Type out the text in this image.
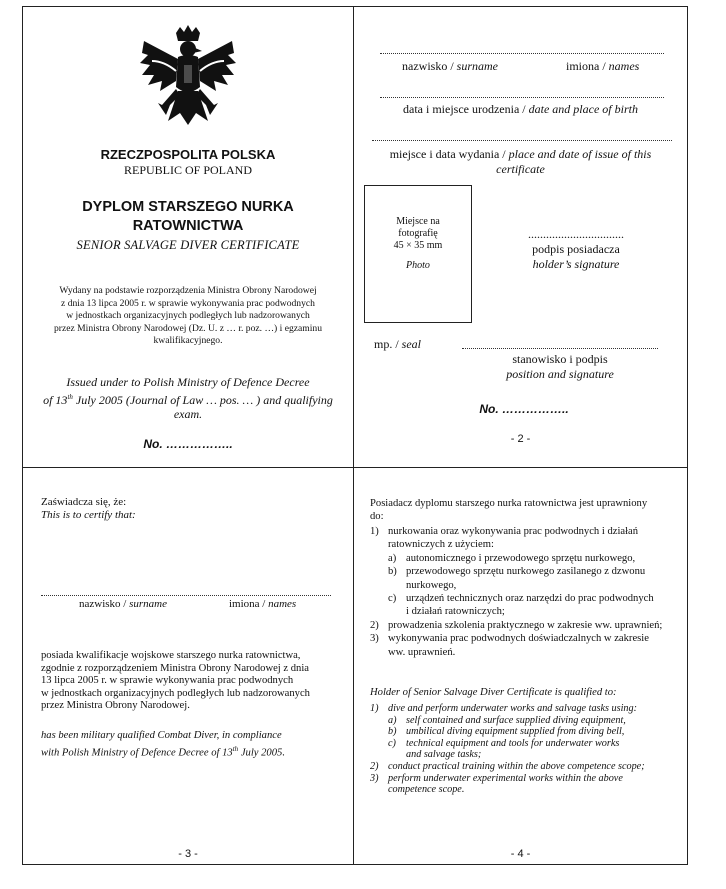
RZECZPOSPOLITA POLSKA
REPUBLIC OF POLAND
DYPLOM STARSZEGO NURKA
RATOWNICTWA
SENIOR SALVAGE DIVER CERTIFICATE
Wydany na podstawie rozporządzenia Ministra Obrony Narodowej
z dnia 13 lipca 2005 r. w sprawie wykonywania prac podwodnych
w jednostkach organizacyjnych podległych lub nadzorowanych
przez Ministra Obrony Narodowej (Dz. U. z … r. poz. …) i egzaminu
kwalifikacyjnego.
Issued under to Polish Ministry of Defence Decree
of 13th July 2005 (Journal of Law … pos. … ) and qualifying
exam.
No. ……………..
nazwisko / surname	imiona / names
data i miejsce urodzenia / date and place of birth
miejsce i data wydania / place and date of issue of this
certificate
Miejsce na
fotografię
45 × 35 mm
Photo
................................
podpis posiadacza
holder’s signature
mp. / seal
stanowisko i podpis
position and signature
No. ……………..
- 2 -
Zaświadcza się, że:
This is to certify that:
nazwisko / surname	imiona / names
posiada kwalifikacje wojskowe starszego nurka ratownictwa,
zgodnie z rozporządzeniem Ministra Obrony Narodowej z dnia
13 lipca 2005 r. w sprawie wykonywania prac podwodnych
w jednostkach organizacyjnych podległych lub nadzorowanych
przez Ministra Obrony Narodowej.
has been military qualified Combat Diver, in compliance
with Polish Ministry of Defence Decree of 13th July 2005.
- 3 -
Posiadacz dyplomu starszego nurka ratownictwa jest uprawniony
do:
1) nurkowania oraz wykonywania prac podwodnych i działań
ratowniczych z użyciem:
a) autonomicznego i przewodowego sprzętu nurkowego,
b) przewodowego sprzętu nurkowego zasilanego z dzwonu
nurkowego,
c) urządzeń technicznych oraz narzędzi do prac podwodnych
i działań ratowniczych;
2) prowadzenia szkolenia praktycznego w zakresie ww. uprawnień;
3) wykonywania prac podwodnych doświadczalnych w zakresie
ww. uprawnień.
Holder of Senior Salvage Diver Certificate is qualified to:
1) dive and perform underwater works and salvage tasks using:
a) self contained and surface supplied diving equipment,
b) umbilical diving equipment supplied from diving bell,
c) technical equipment and tools for underwater works
and salvage tasks;
2) conduct practical training within the above competence scope;
3) perform underwater experimental works within the above
competence scope.
- 4 -
